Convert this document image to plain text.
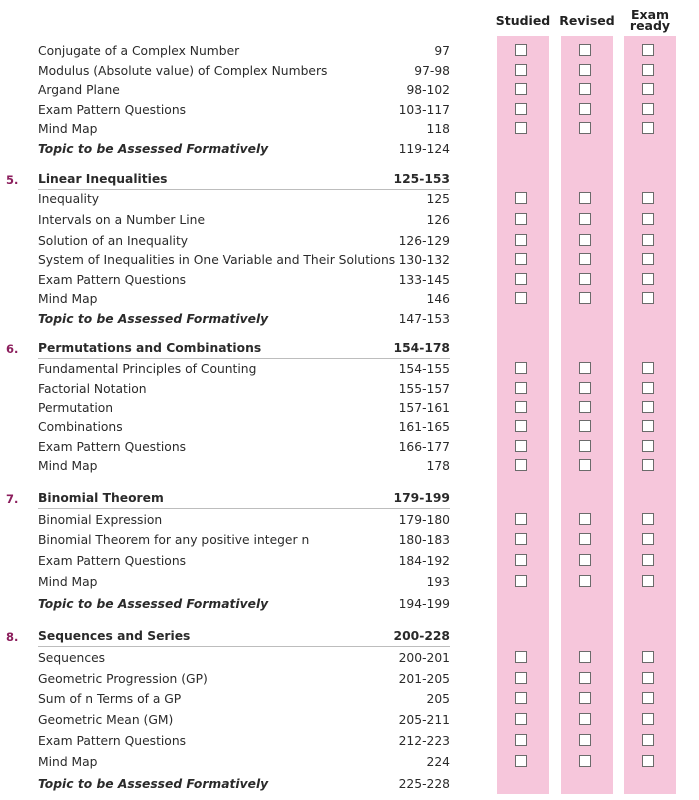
Studied Revised	Exam ready
Conjugate of a Complex Number	97
Modulus (Absolute value) of Complex Numbers	97-98
Argand Plane	98-102
Exam Pattern Questions	103-117
Mind Map	118
Topic to be Assessed Formatively	119-124
5.	Linear Inequalities	125-153
Inequality	125
Intervals on a Number Line	126
Solution of an Inequality	126-129
System of Inequalities in One Variable and Their Solutions 130-132
Exam Pattern Questions	133-145
Mind Map	146
Topic to be Assessed Formatively	147-153
6.	Permutations and Combinations	154-178
Fundamental Principles of Counting	154-155
Factorial Notation	155-157
Permutation	157-161
Combinations	161-165
Exam Pattern Questions	166-177
Mind Map	178
7.	Binomial Theorem	179-199
Binomial Expression	179-180
Binomial Theorem for any positive integer n	180-183
Exam Pattern Questions	184-192
Mind Map	193
Topic to be Assessed Formatively	194-199
8.	Sequences and Series	200-228
Sequences	200-201
Geometric Progression (GP)	201-205
Sum of n Terms of a GP	205
Geometric Mean (GM)	205-211
Exam Pattern Questions	212-223
Mind Map	224
Topic to be Assessed Formatively	225-228
